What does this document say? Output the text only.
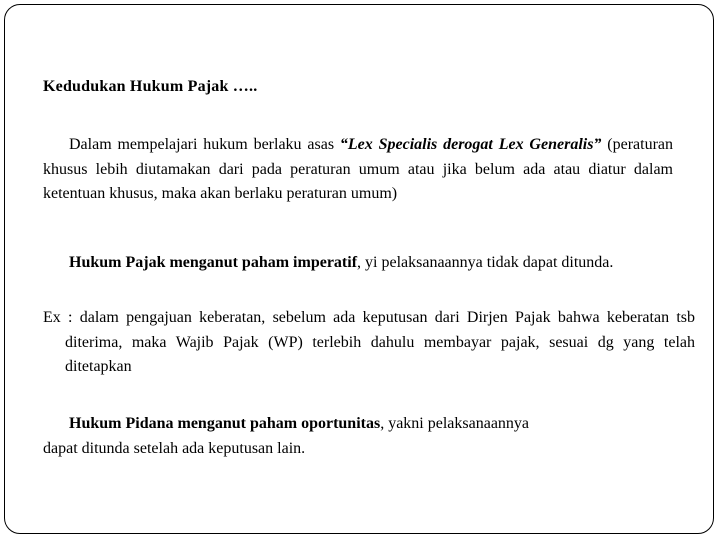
Kedudukan Hukum Pajak …..
Dalam mempelajari hukum berlaku asas “Lex Specialis derogat Lex Generalis” (peraturan khusus lebih diutamakan dari pada peraturan umum atau jika belum ada atau diatur dalam ketentuan khusus, maka akan berlaku peraturan umum)
Hukum Pajak menganut paham imperatif, yi pelaksanaannya tidak dapat ditunda.
Ex : dalam pengajuan keberatan, sebelum ada keputusan dari Dirjen Pajak bahwa keberatan tsb diterima, maka Wajib Pajak (WP) terlebih dahulu membayar pajak, sesuai dg yang telah ditetapkan
Hukum Pidana menganut paham oportunitas, yakni pelaksanaannya
dapat ditunda setelah ada keputusan lain.
